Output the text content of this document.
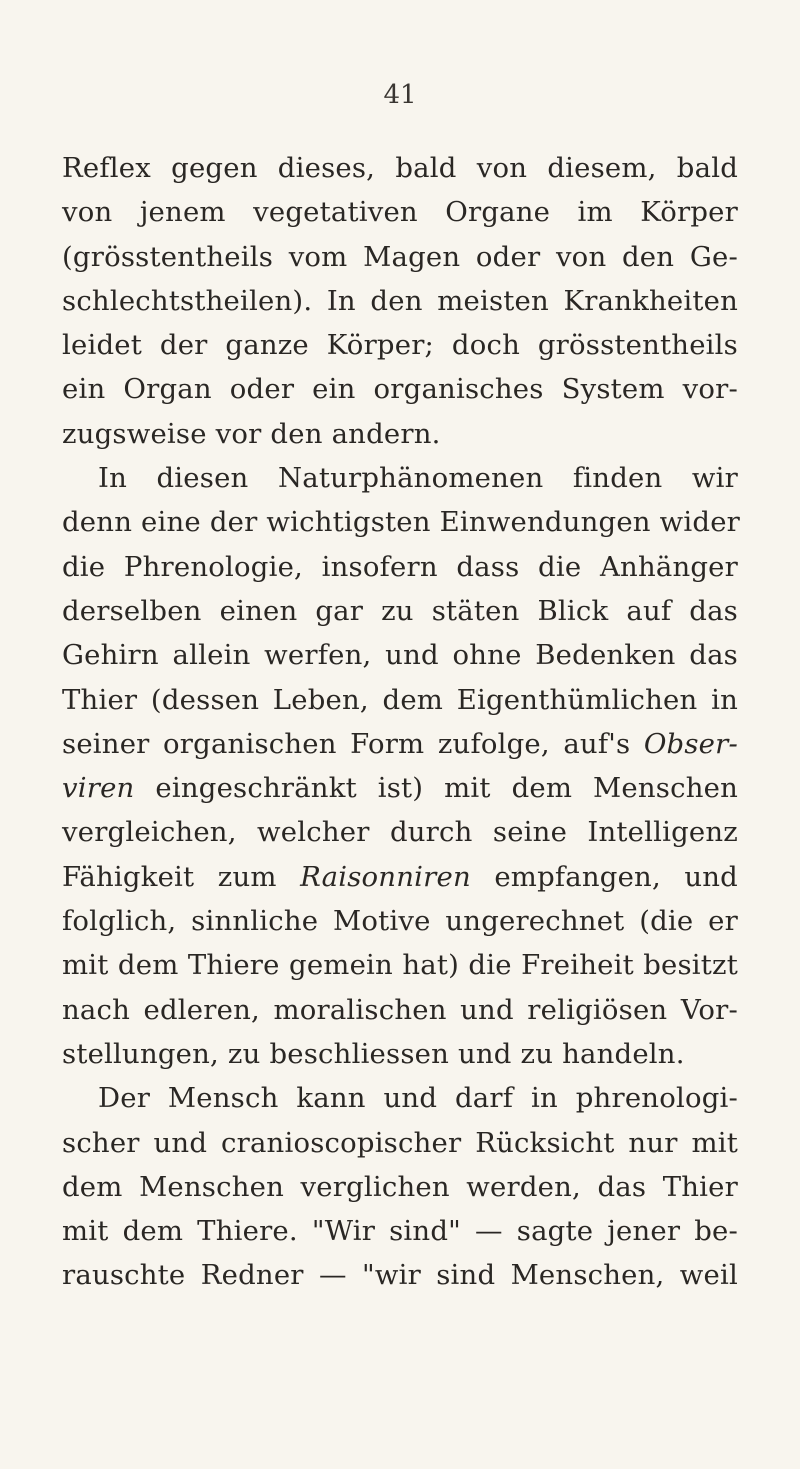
41
Reflex gegen dieses, bald von diesem, bald
von jenem vegetativen Organe im Körper
(grösstentheils vom Magen oder von den Ge-
schlechtstheilen). In den meisten Krankheiten
leidet der ganze Körper; doch grösstentheils
ein Organ oder ein organisches System vor-
zugsweise vor den andern.
In diesen Naturphänomenen finden wir
denn eine der wichtigsten Einwendungen wider
die Phrenologie, insofern dass die Anhänger
derselben einen gar zu stäten Blick auf das
Gehirn allein werfen, und ohne Bedenken das
Thier (dessen Leben, dem Eigenthümlichen in
seiner organischen Form zufolge, auf's Obser-
viren eingeschränkt ist) mit dem Menschen
vergleichen, welcher durch seine Intelligenz
Fähigkeit zum Raisonniren empfangen, und
folglich, sinnliche Motive ungerechnet (die er
mit dem Thiere gemein hat) die Freiheit besitzt
nach edleren, moralischen und religiösen Vor-
stellungen, zu beschliessen und zu handeln.
Der Mensch kann und darf in phrenologi-
scher und cranioscopischer Rücksicht nur mit
dem Menschen verglichen werden, das Thier
mit dem Thiere. "Wir sind" — sagte jener be-
rauschte Redner — "wir sind Menschen, weil
